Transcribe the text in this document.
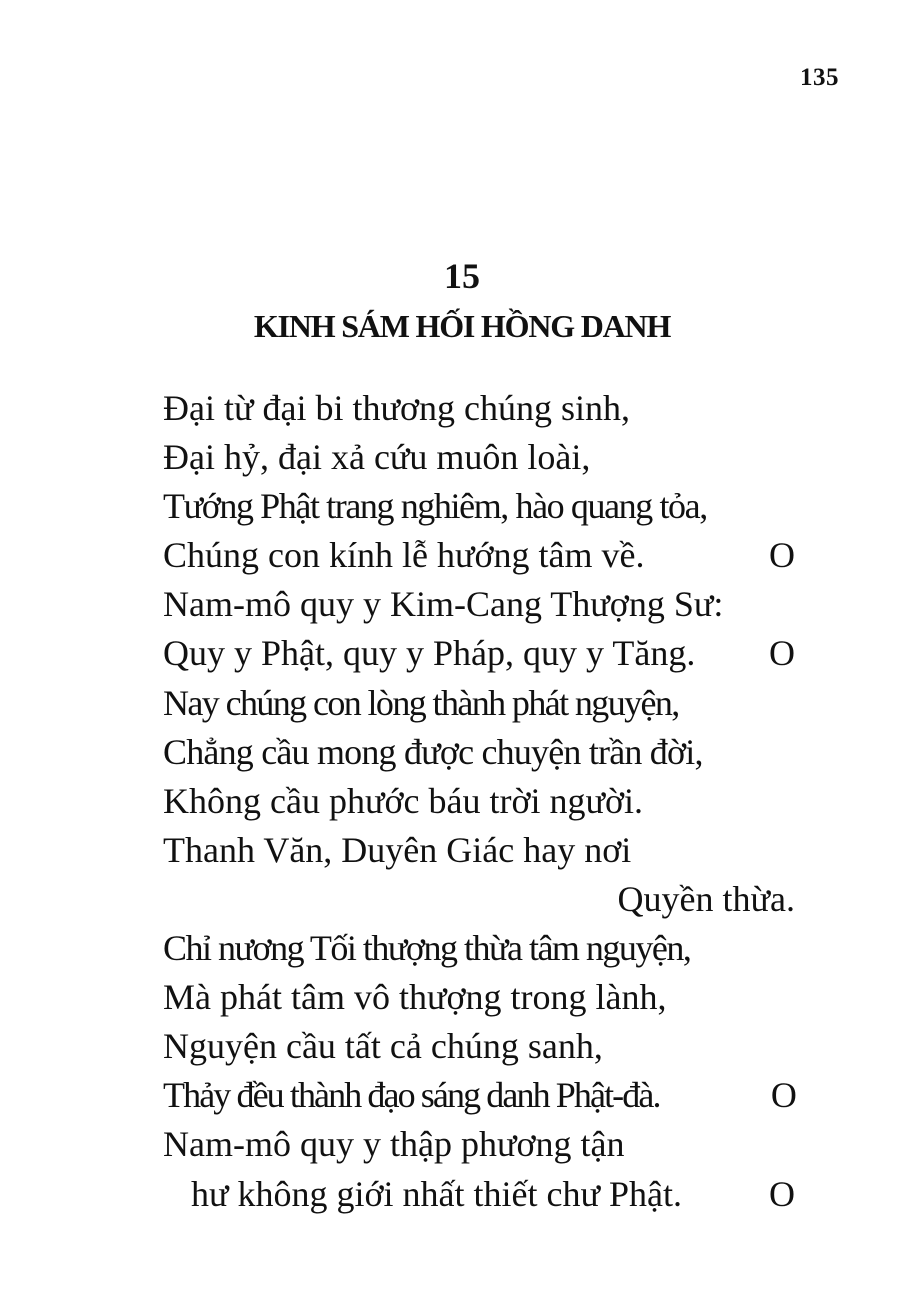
135
15
KINH SÁM HỐI HỒNG DANH
Đại từ đại bi thương chúng sinh,
Đại hỷ, đại xả cứu muôn loài,
Tướng Phật trang nghiêm, hào quang tỏa,
Chúng con kính lễ hướng tâm về.	O
Nam-mô quy y Kim-Cang Thượng Sư:
Quy y Phật, quy y Pháp, quy y Tăng. O
Nay chúng con lòng thành phát nguyện,
Chẳng cầu mong được chuyện trần đời,
Không cầu phước báu trời người.
Thanh Văn, Duyên Giác hay nơi
Quyền thừa.
Chỉ nương Tối thượng thừa tâm nguyện,
Mà phát tâm vô thượng trong lành,
Nguyện cầu tất cả chúng sanh,
Thảy đều thành đạo sáng danh Phật-đà.	O
Nam-mô quy y thập phương tận
hư không giới nhất thiết chư Phật. O
